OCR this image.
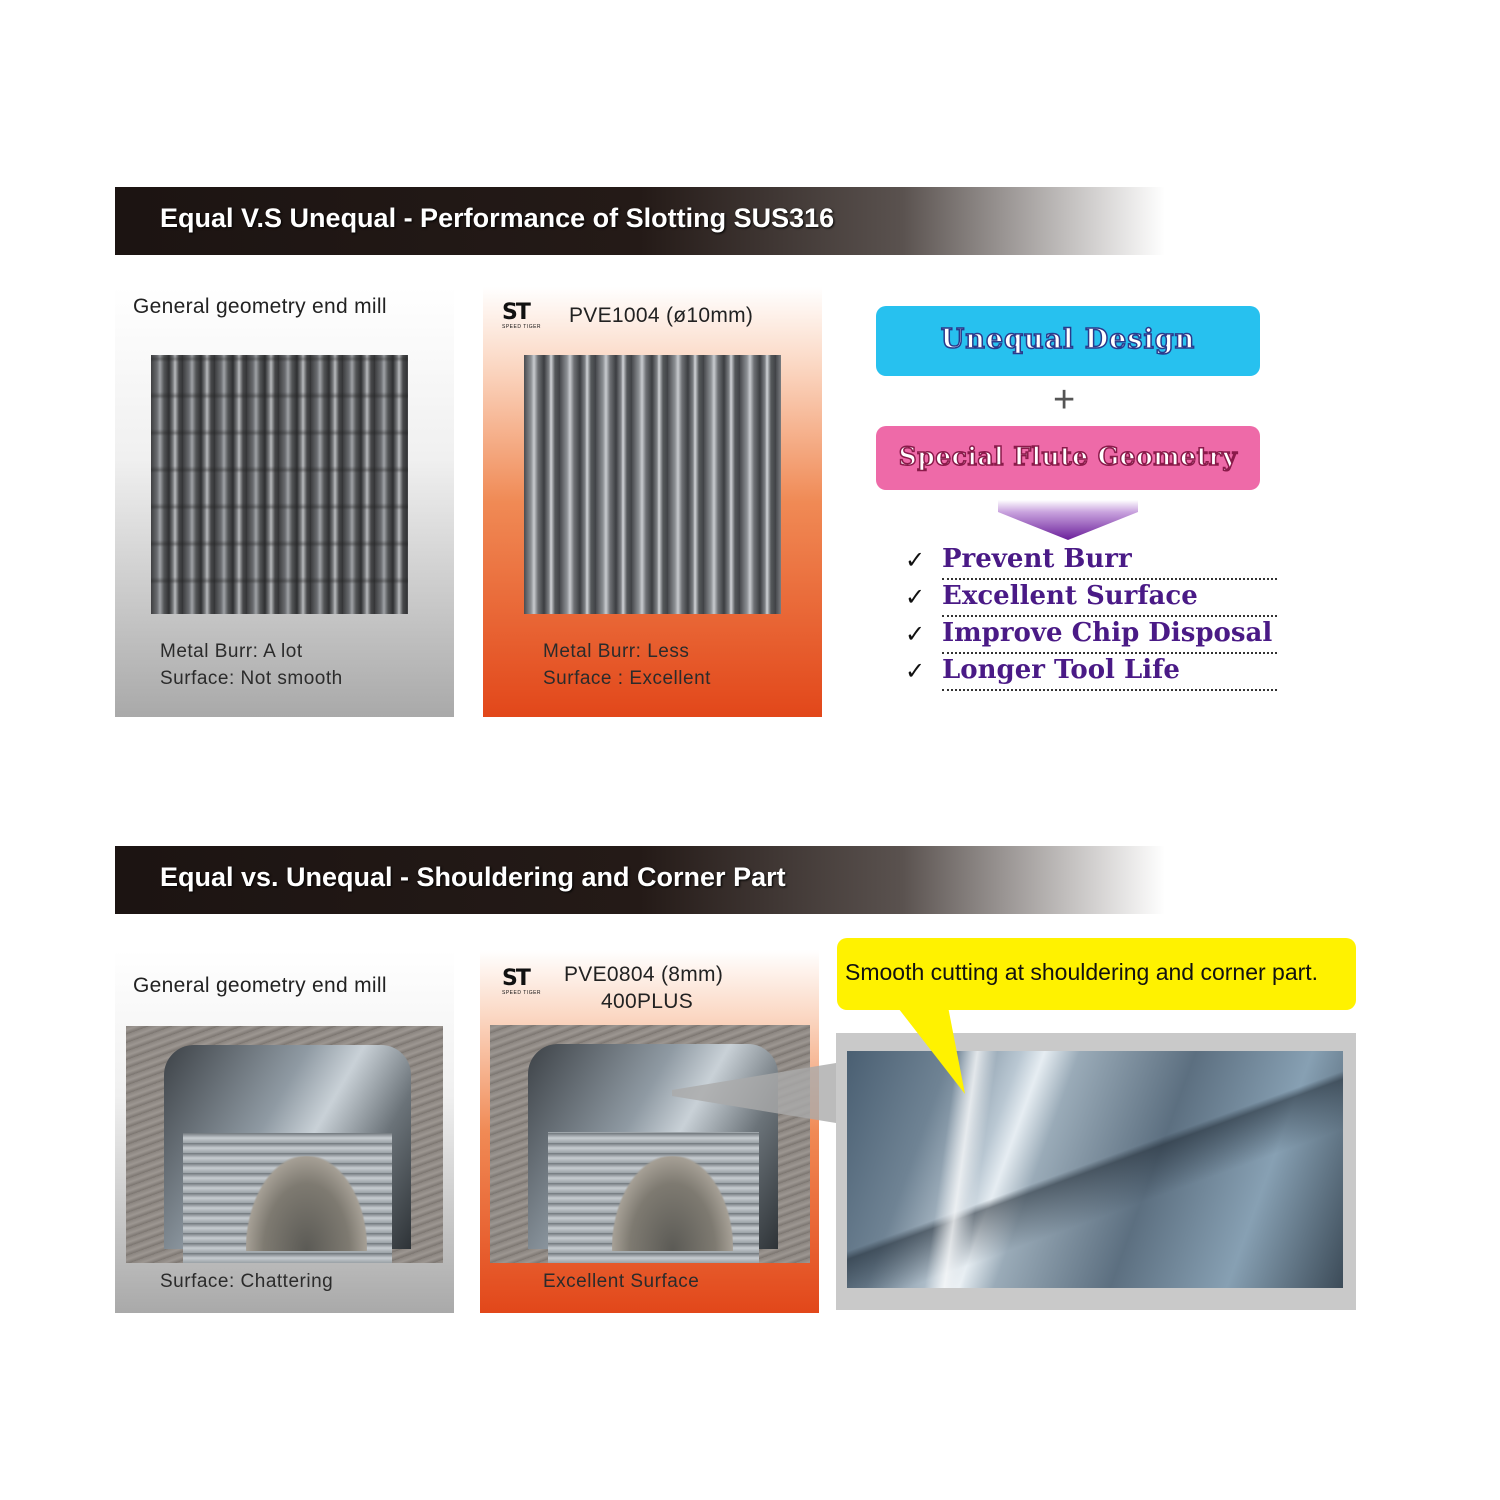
Equal V.S Unequal - Performance of Slotting SUS316
General geometry end mill
Metal Burr: A lot
Surface: Not smooth
ST
SPEED TIGER PVE1004 (ø10mm)
Metal Burr: Less
Surface : Excellent
Unequal Design
+
Special Flute Geometry
✓ Prevent Burr
✓ Excellent Surface
✓ Improve Chip Disposal
✓ Longer Tool Life
Equal vs. Unequal - Shouldering and Corner Part
General geometry end mill
Surface: Chattering
ST
SPEED TIGER
PVE0804 (8mm)
400PLUS
Excellent Surface
Smooth cutting at shouldering and corner part.
